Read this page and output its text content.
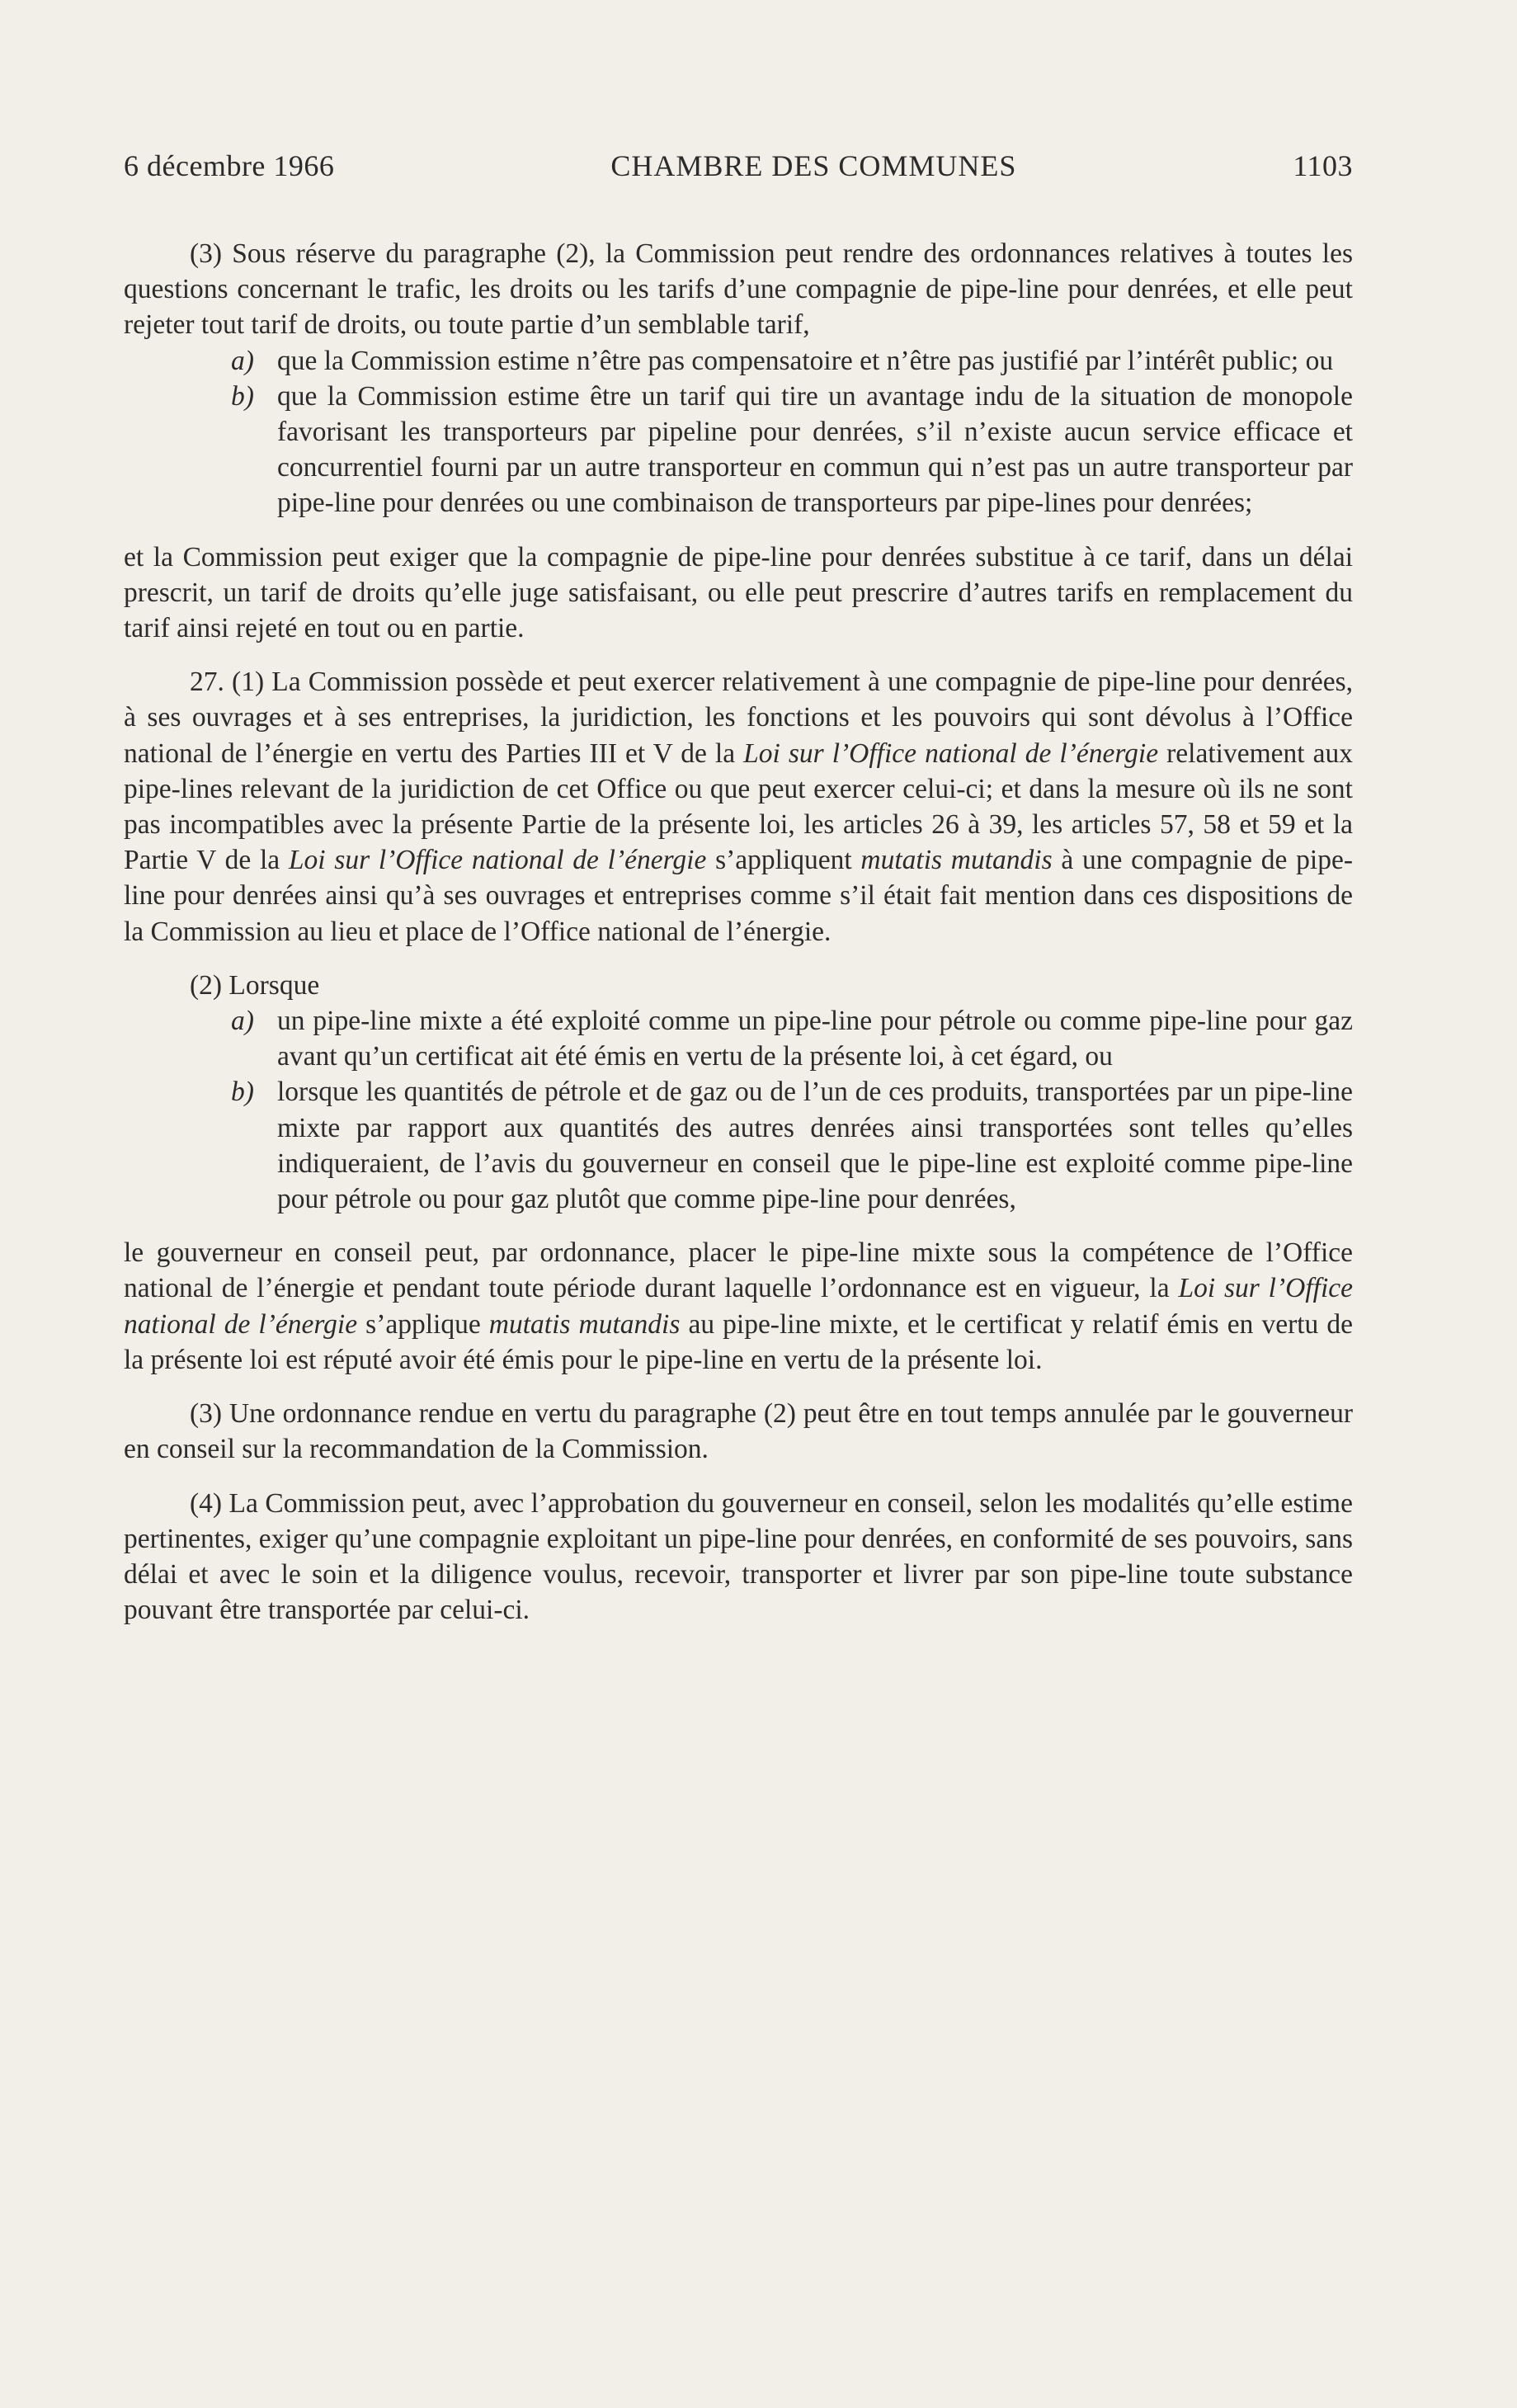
6 décembre 1966	CHAMBRE DES COMMUNES	1103

(3) Sous réserve du paragraphe (2), la Commission peut rendre des ordonnances relatives à toutes les questions concernant le trafic, les droits ou les tarifs d’une compagnie de pipe-line pour denrées, et elle peut rejeter tout tarif de droits, ou toute partie d’un semblable tarif,

a) que la Commission estime n’être pas compensatoire et n’être pas justifié par l’intérêt public; ou
b) que la Commission estime être un tarif qui tire un avantage indu de la situation de monopole favorisant les transporteurs par pipeline pour denrées, s’il n’existe aucun service efficace et concurrentiel fourni par un autre transporteur en commun qui n’est pas un autre transporteur par pipe-line pour denrées ou une combinaison de transporteurs par pipe-lines pour denrées;

et la Commission peut exiger que la compagnie de pipe-line pour denrées substitue à ce tarif, dans un délai prescrit, un tarif de droits qu’elle juge satisfaisant, ou elle peut prescrire d’autres tarifs en remplacement du tarif ainsi rejeté en tout ou en partie.

27. (1) La Commission possède et peut exercer relativement à une compagnie de pipe-line pour denrées, à ses ouvrages et à ses entreprises, la juridiction, les fonctions et les pouvoirs qui sont dévolus à l’Office national de l’énergie en vertu des Parties III et V de la Loi sur l’Office national de l’énergie relativement aux pipe-lines relevant de la juridiction de cet Office ou que peut exercer celui-ci; et dans la mesure où ils ne sont pas incompatibles avec la présente Partie de la présente loi, les articles 26 à 39, les articles 57, 58 et 59 et la Partie V de la Loi sur l’Office national de l’énergie s’appliquent mutatis mutandis à une compagnie de pipe-line pour denrées ainsi qu’à ses ouvrages et entreprises comme s’il était fait mention dans ces dispositions de la Commission au lieu et place de l’Office national de l’énergie.

(2) Lorsque

a) un pipe-line mixte a été exploité comme un pipe-line pour pétrole ou comme pipe-line pour gaz avant qu’un certificat ait été émis en vertu de la présente loi, à cet égard, ou
b) lorsque les quantités de pétrole et de gaz ou de l’un de ces produits, transportées par un pipe-line mixte par rapport aux quantités des autres denrées ainsi transportées sont telles qu’elles indiqueraient, de l’avis du gouverneur en conseil que le pipe-line est exploité comme pipe-line pour pétrole ou pour gaz plutôt que comme pipe-line pour denrées,

le gouverneur en conseil peut, par ordonnance, placer le pipe-line mixte sous la compétence de l’Office national de l’énergie et pendant toute période durant laquelle l’ordonnance est en vigueur, la Loi sur l’Office national de l’énergie s’applique mutatis mutandis au pipe-line mixte, et le certificat y relatif émis en vertu de la présente loi est réputé avoir été émis pour le pipe-line en vertu de la présente loi.

(3) Une ordonnance rendue en vertu du paragraphe (2) peut être en tout temps annulée par le gouverneur en conseil sur la recommandation de la Commission.

(4) La Commission peut, avec l’approbation du gouverneur en conseil, selon les modalités qu’elle estime pertinentes, exiger qu’une compagnie exploitant un pipe-line pour denrées, en conformité de ses pouvoirs, sans délai et avec le soin et la diligence voulus, recevoir, transporter et livrer par son pipe-line toute substance pouvant être transportée par celui-ci.
